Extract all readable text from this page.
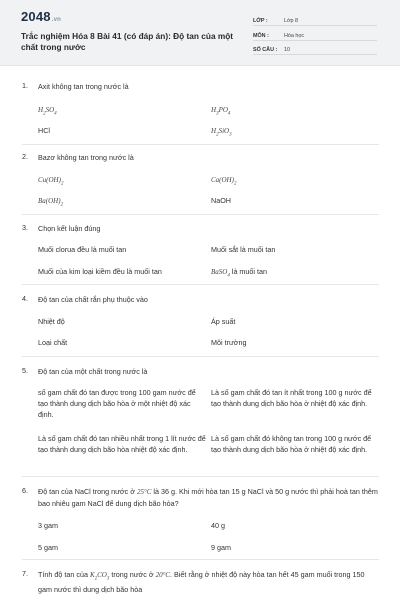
2048.vn
Trắc nghiệm Hóa 8 Bài 41 (có đáp án): Độ tan của một chất trong nước
LỚP :	Lớp 8
MÔN :	Hóa học
SỐ CÂU :	10
1. Axit không tan trong nước là
$H_2SO_4$	$H_3PO_4$
HCl	$H_2SiO_3$
2. Bazơ không tan trong nước là
$Cu(OH)_2$	$Ca(OH)_2$
$Ba(OH)_2$	NaOH
3. Chọn kết luận đúng
Muối clorua đều là muối tan	Muối sắt là muối tan
Muối của kim loại kiềm đều là muối tan	BaSO$_4$ là muối tan
4. Độ tan của chất rắn phụ thuộc vào
Nhiệt độ	Áp suất
Loại chất	Môi trường
5. Độ tan của một chất trong nước là
số gam chất đó tan được trong 100 gam nước để tạo thành dung dịch bão hòa ở một nhiệt độ xác định.
Là số gam chất đó tan ít nhất trong 100 g nước để tạo thành dung dịch bão hòa ở nhiệt độ xác định.
Là số gam chất đó tan nhiều nhất trong 1 lít nước để tạo thành dung dịch bão hòa nhiệt độ xác định.
Là số gam chất đó không tan trong 100 g nước để tạo thành dung dịch bão hòa ở nhiệt độ xác định.
6. Độ tan của NaCl trong nước ở 25°C là 36 g. Khi mới hòa tan 15 g NaCl và 50 g nước thì phải hoà tan thêm bao nhiêu gam NaCl để dung dịch bão hòa?
3 gam	40 g
5 gam	9 gam
7. Tính độ tan của $K_2CO_3$ trong nước ở 20°C. Biết rằng ở nhiệt độ này hòa tan hết 45 gam muối trong 150 gam nước thì dung dịch bão hòa
